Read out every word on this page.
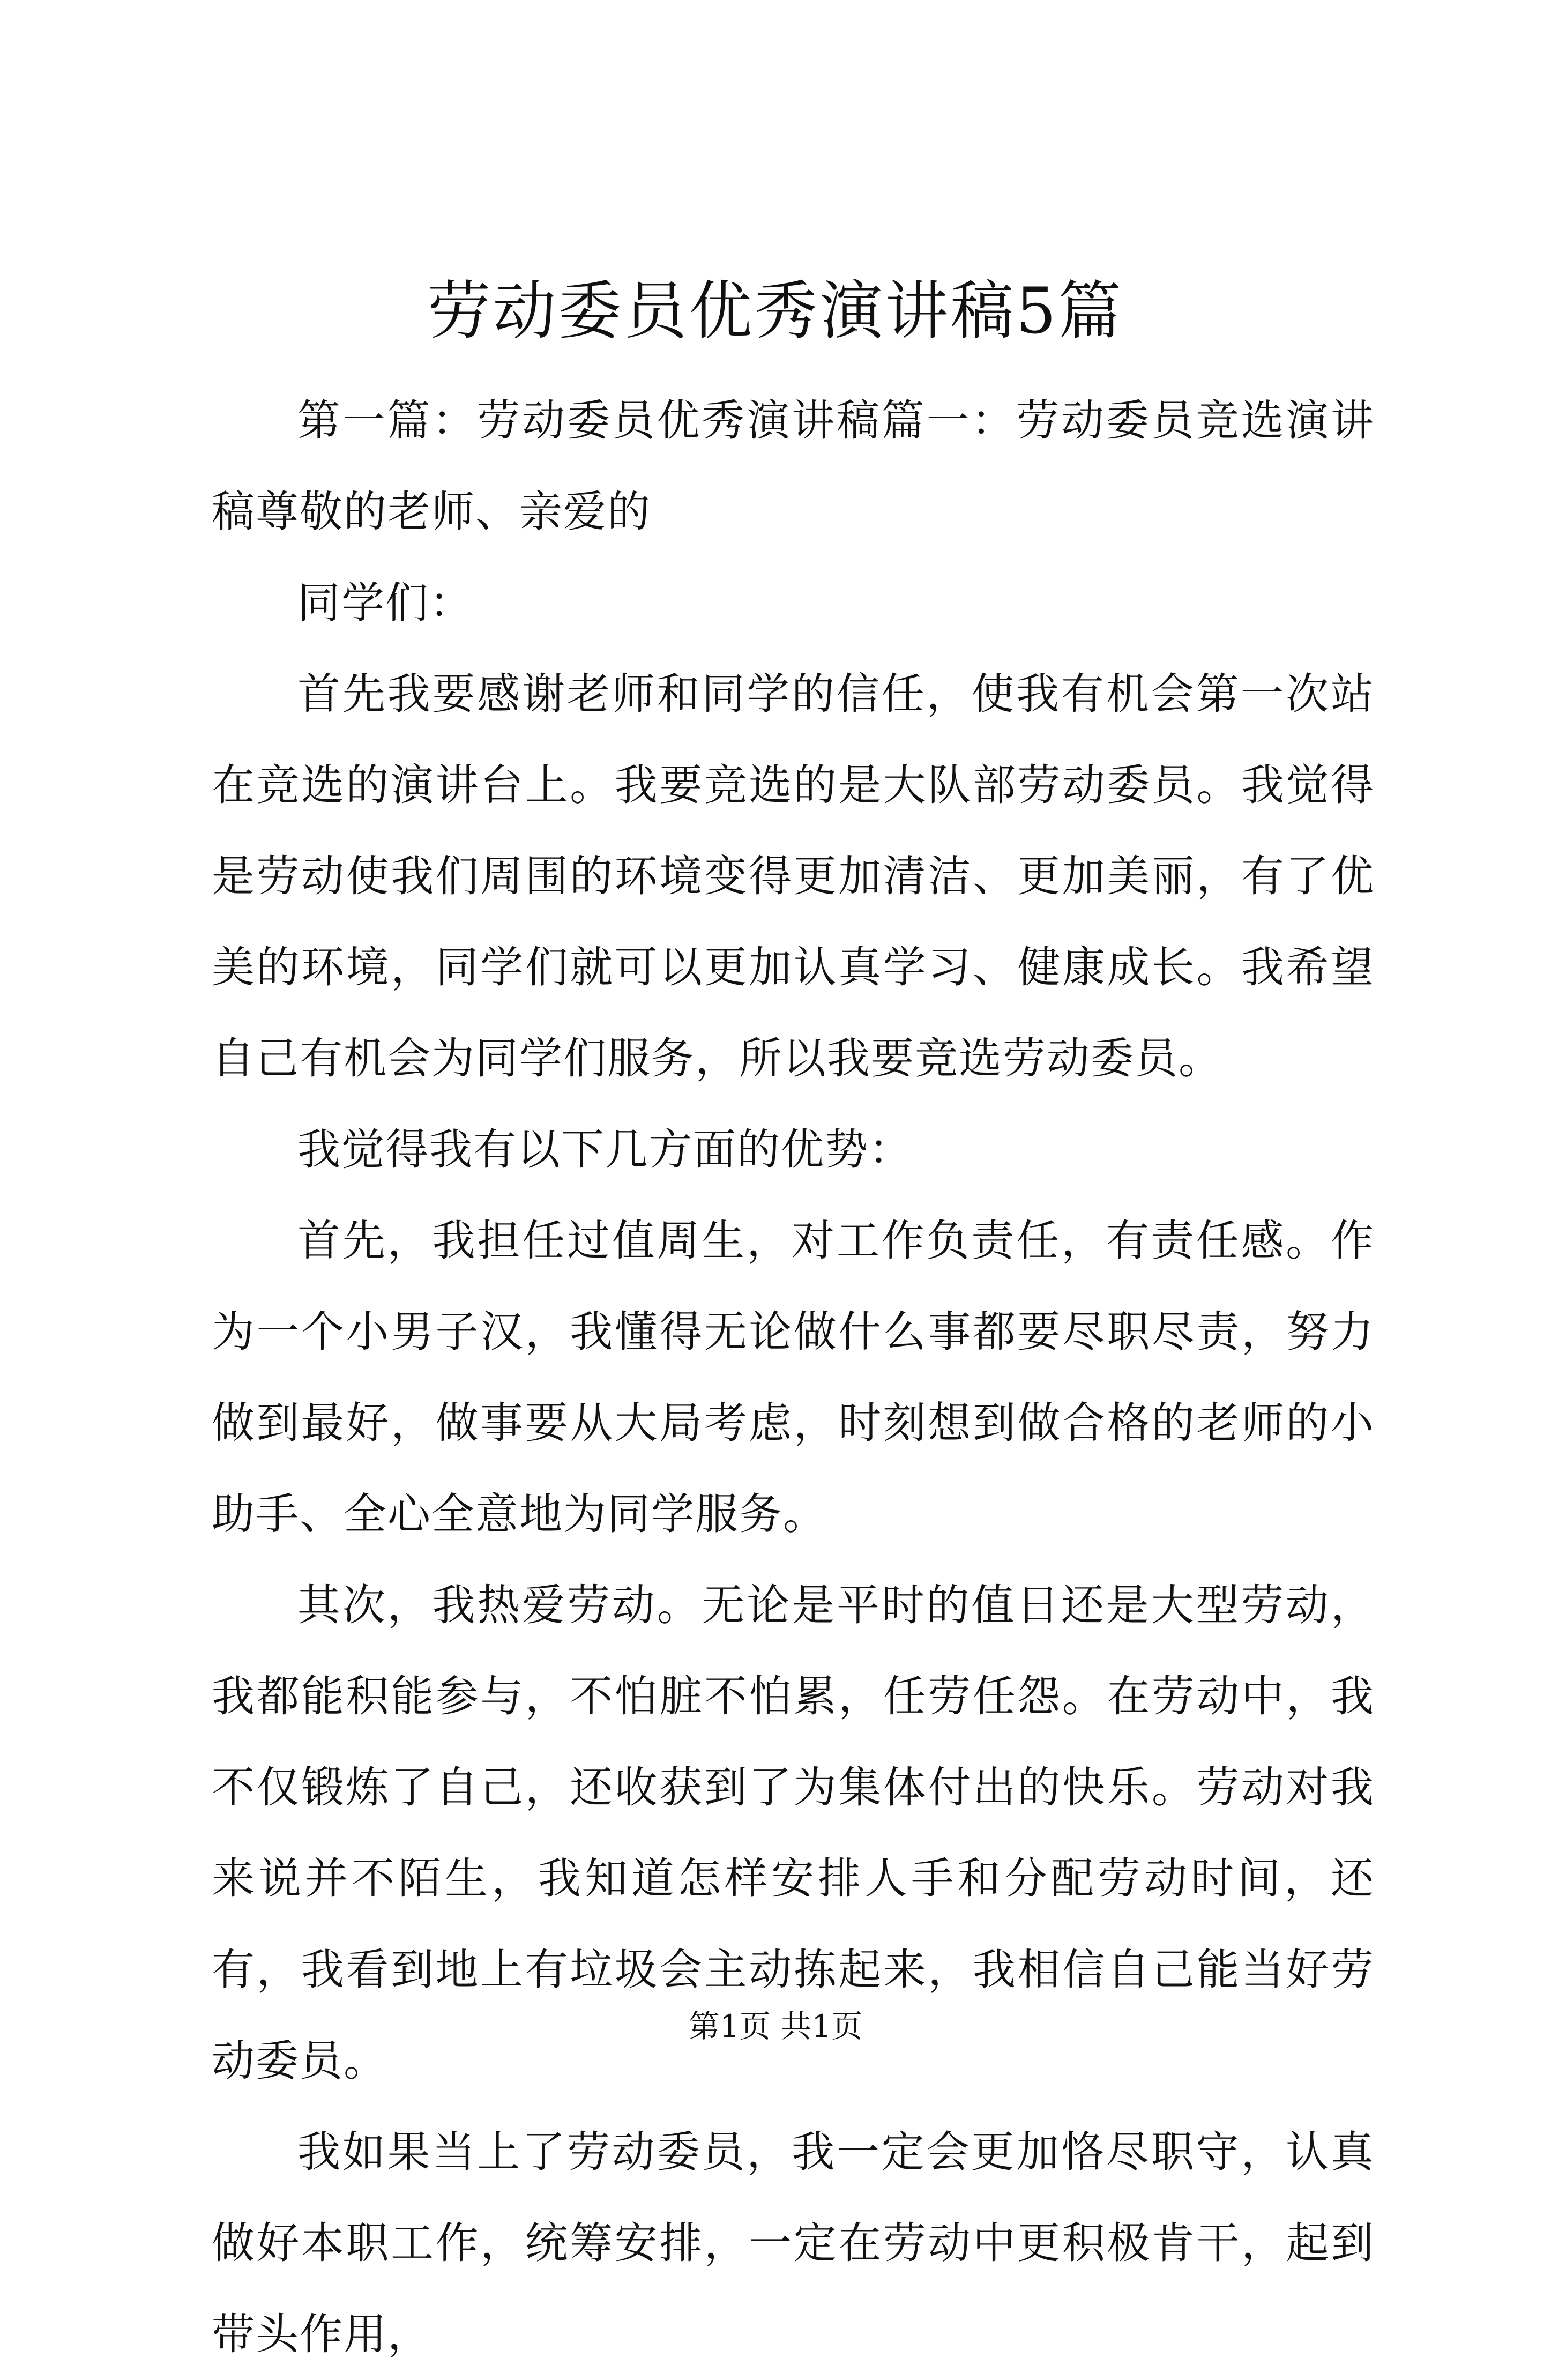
劳动委员优秀演讲稿5篇

第一篇：劳动委员优秀演讲稿篇一：劳动委员竞选演讲稿尊敬的老师、亲爱的

同学们：

首先我要感谢老师和同学的信任，使我有机会第一次站在竞选的演讲台上。我要竞选的是大队部劳动委员。我觉得是劳动使我们周围的环境变得更加清洁、更加美丽，有了优美的环境，同学们就可以更加认真学习、健康成长。我希望自己有机会为同学们服务，所以我要竞选劳动委员。

我觉得我有以下几方面的优势：

首先，我担任过值周生，对工作负责任，有责任感。作为一个小男子汉，我懂得无论做什么事都要尽职尽责，努力做到最好，做事要从大局考虑，时刻想到做合格的老师的小助手、全心全意地为同学服务。

其次，我热爱劳动。无论是平时的值日还是大型劳动，我都能积能参与，不怕脏不怕累，任劳任怨。在劳动中，我不仅锻炼了自己，还收获到了为集体付出的快乐。劳动对我来说并不陌生，我知道怎样安排人手和分配劳动时间，还有，我看到地上有垃圾会主动拣起来，我相信自己能当好劳动委员。

我如果当上了劳动委员，我一定会更加恪尽职守，认真做好本职工作，统筹安排，一定在劳动中更积极肯干，起到带头作用，

第1页 共1页
